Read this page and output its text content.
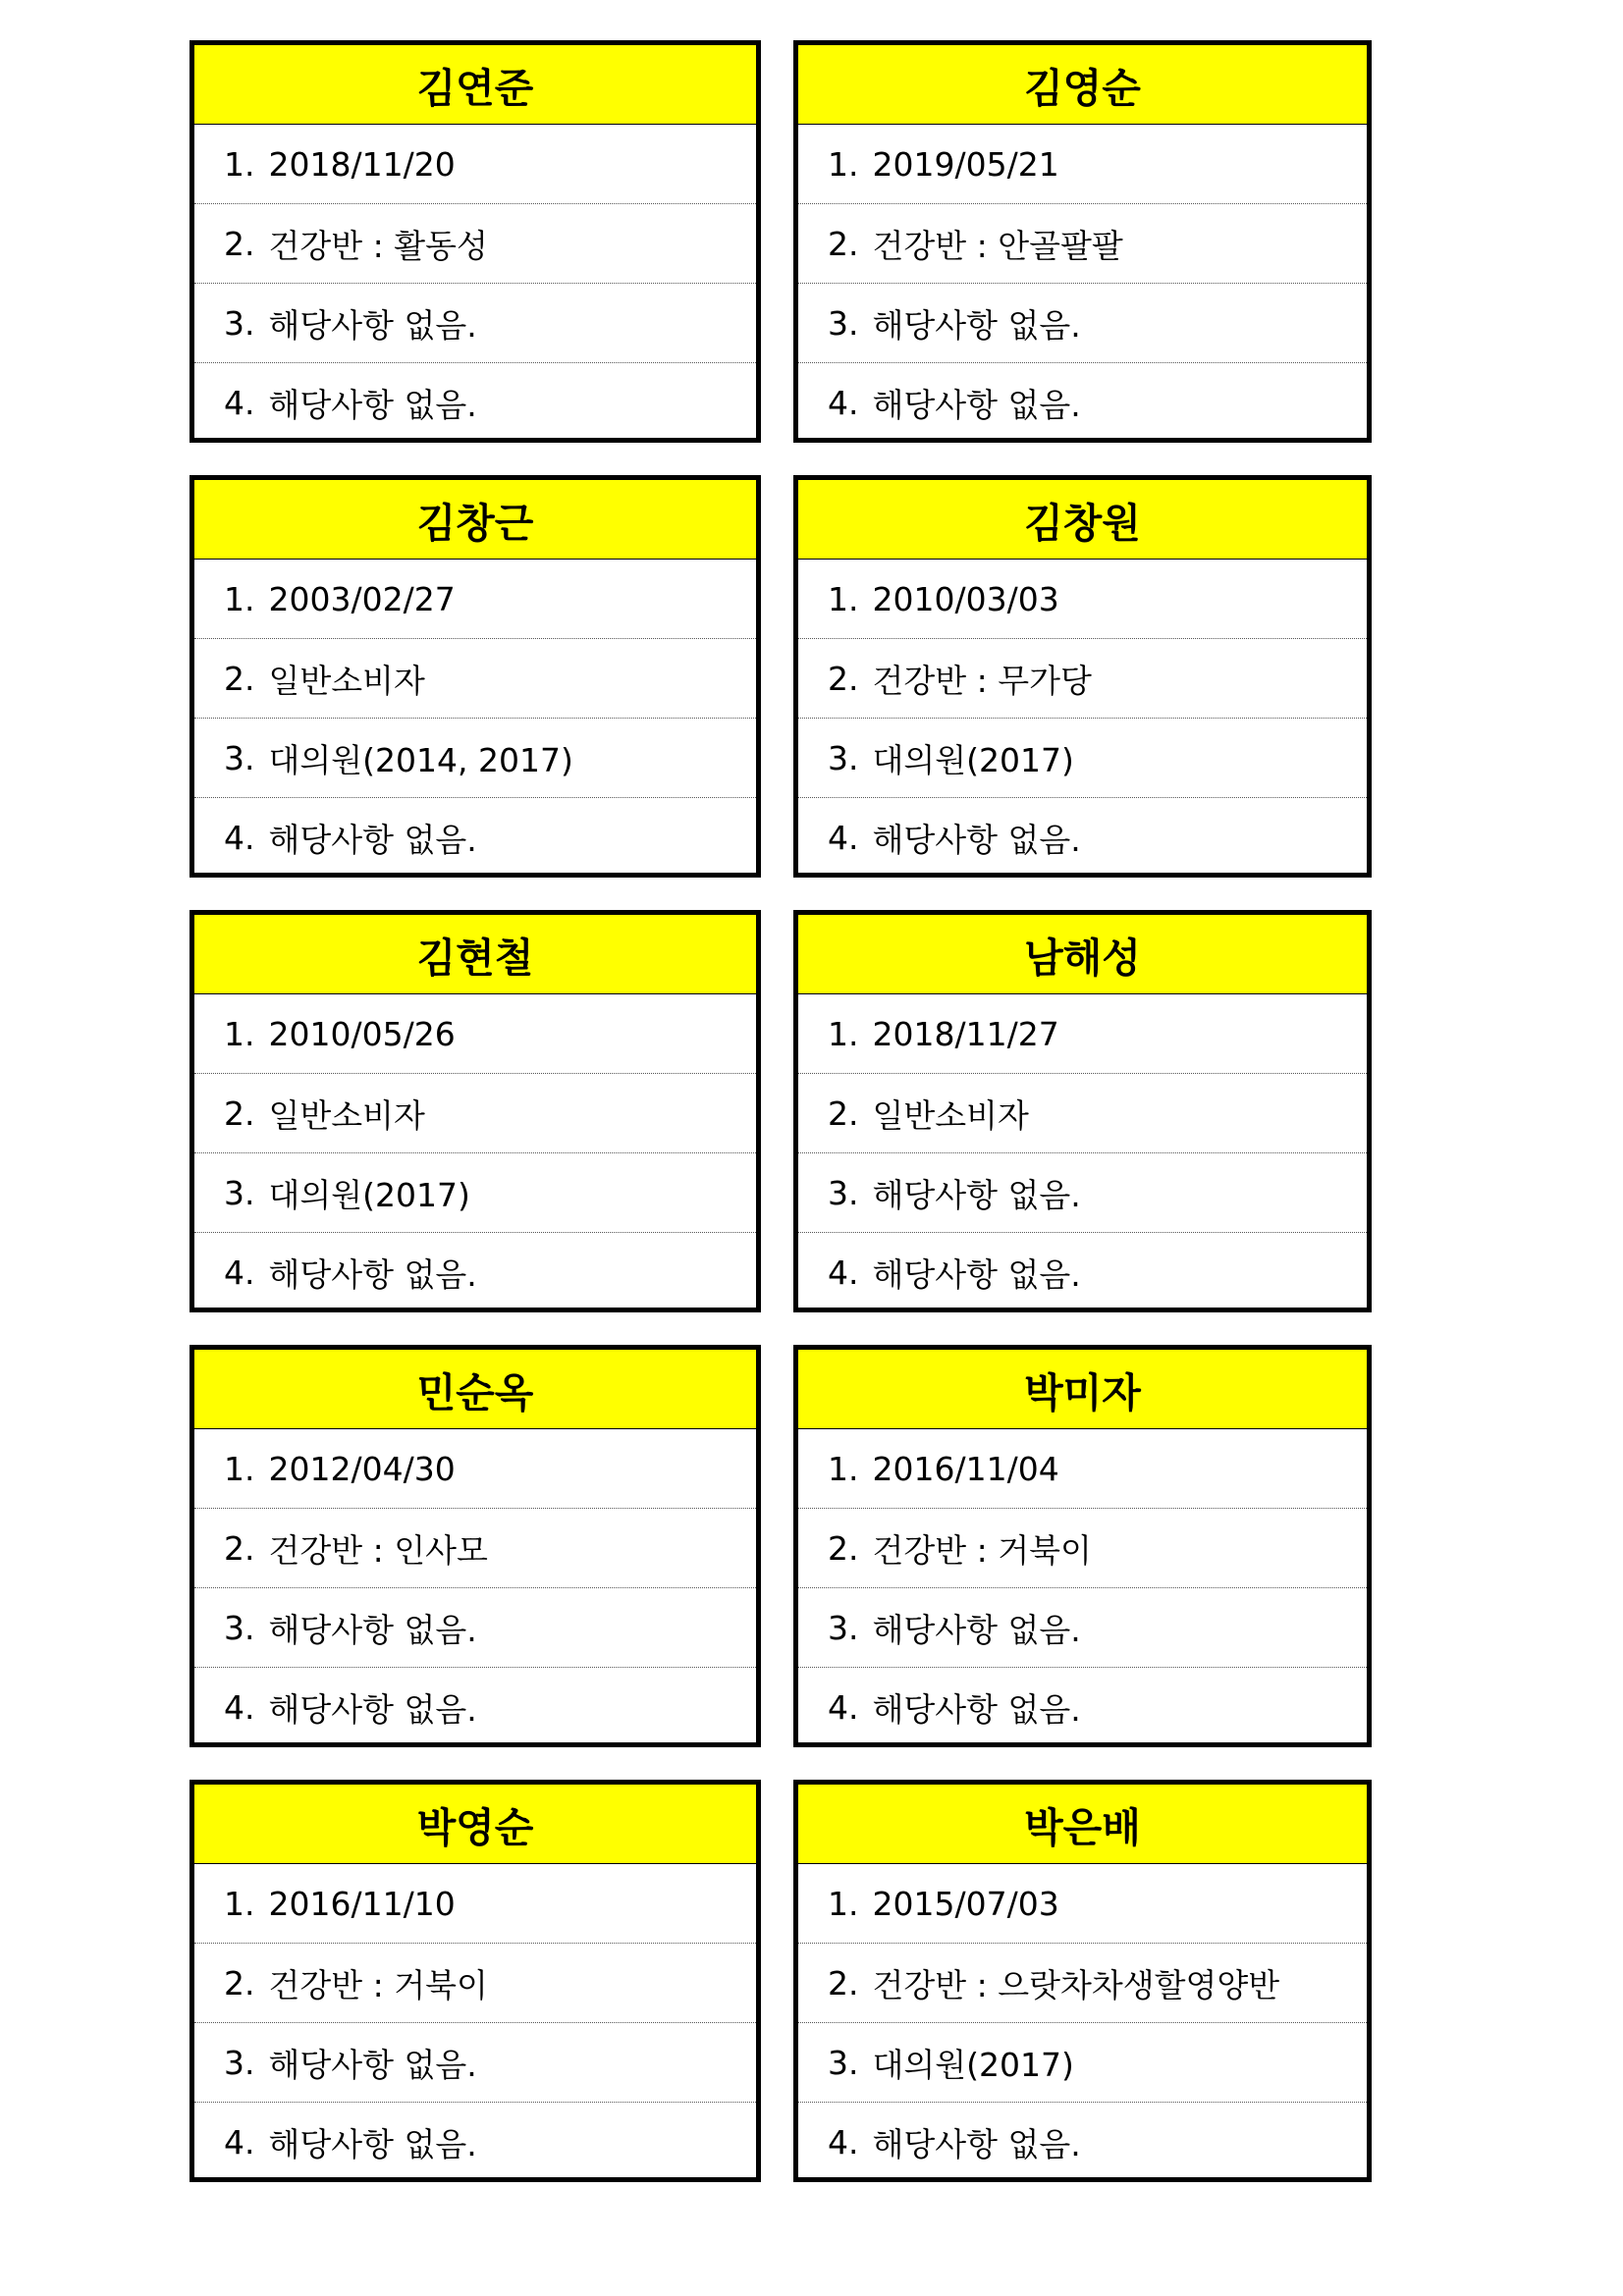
김연준
1. 2018/11/20
2. 건강반 : 활동성
3. 해당사항 없음.
4. 해당사항 없음.
김영순
1. 2019/05/21
2. 건강반 : 안골팔팔
3. 해당사항 없음.
4. 해당사항 없음.
김창근
1. 2003/02/27
2. 일반소비자
3. 대의원(2014, 2017)
4. 해당사항 없음.
김창원
1. 2010/03/03
2. 건강반 : 무가당
3. 대의원(2017)
4. 해당사항 없음.
김현철
1. 2010/05/26
2. 일반소비자
3. 대의원(2017)
4. 해당사항 없음.
남해성
1. 2018/11/27
2. 일반소비자
3. 해당사항 없음.
4. 해당사항 없음.
민순옥
1. 2012/04/30
2. 건강반 : 인사모
3. 해당사항 없음.
4. 해당사항 없음.
박미자
1. 2016/11/04
2. 건강반 : 거북이
3. 해당사항 없음.
4. 해당사항 없음.
박영순
1. 2016/11/10
2. 건강반 : 거북이
3. 해당사항 없음.
4. 해당사항 없음.
박은배
1. 2015/07/03
2. 건강반 : 으랏차차생할영양반
3. 대의원(2017)
4. 해당사항 없음.
